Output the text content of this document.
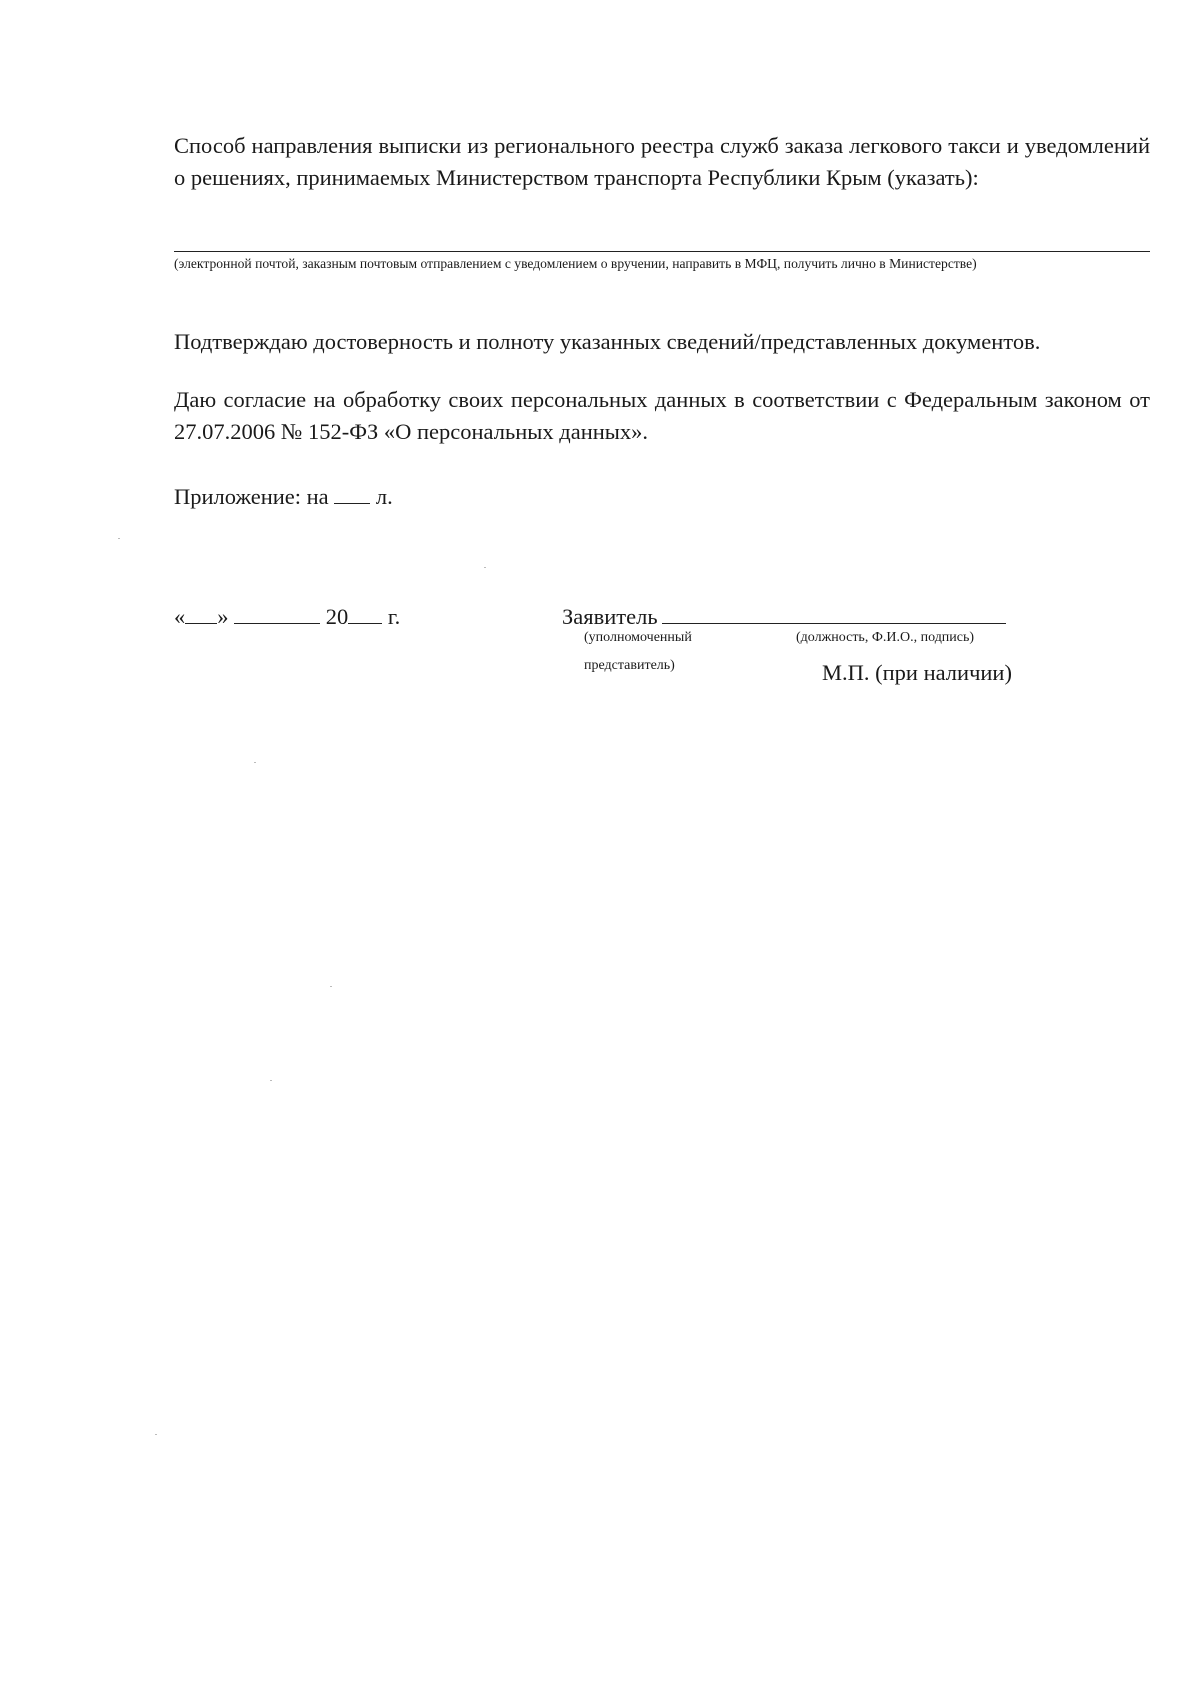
Способ направления выписки из регионального реестра служб заказа легкового такси и уведомлений о решениях, принимаемых Министерством транспорта Республики Крым (указать):

(электронной почтой, заказным почтовым отправлением с уведомлением о вручении, направить в МФЦ, получить лично в Министерстве)

Подтверждаю достоверность и полноту указанных сведений/представленных документов.

Даю согласие на обработку своих персональных данных в соответствии с Федеральным законом от 27.07.2006 № 152-ФЗ «О персональных данных».

Приложение: на л.

« »	20 г.	Заявитель

(уполномоченный
представитель)
(должность, Ф.И.О., подпись)
М.П. (при наличии)
